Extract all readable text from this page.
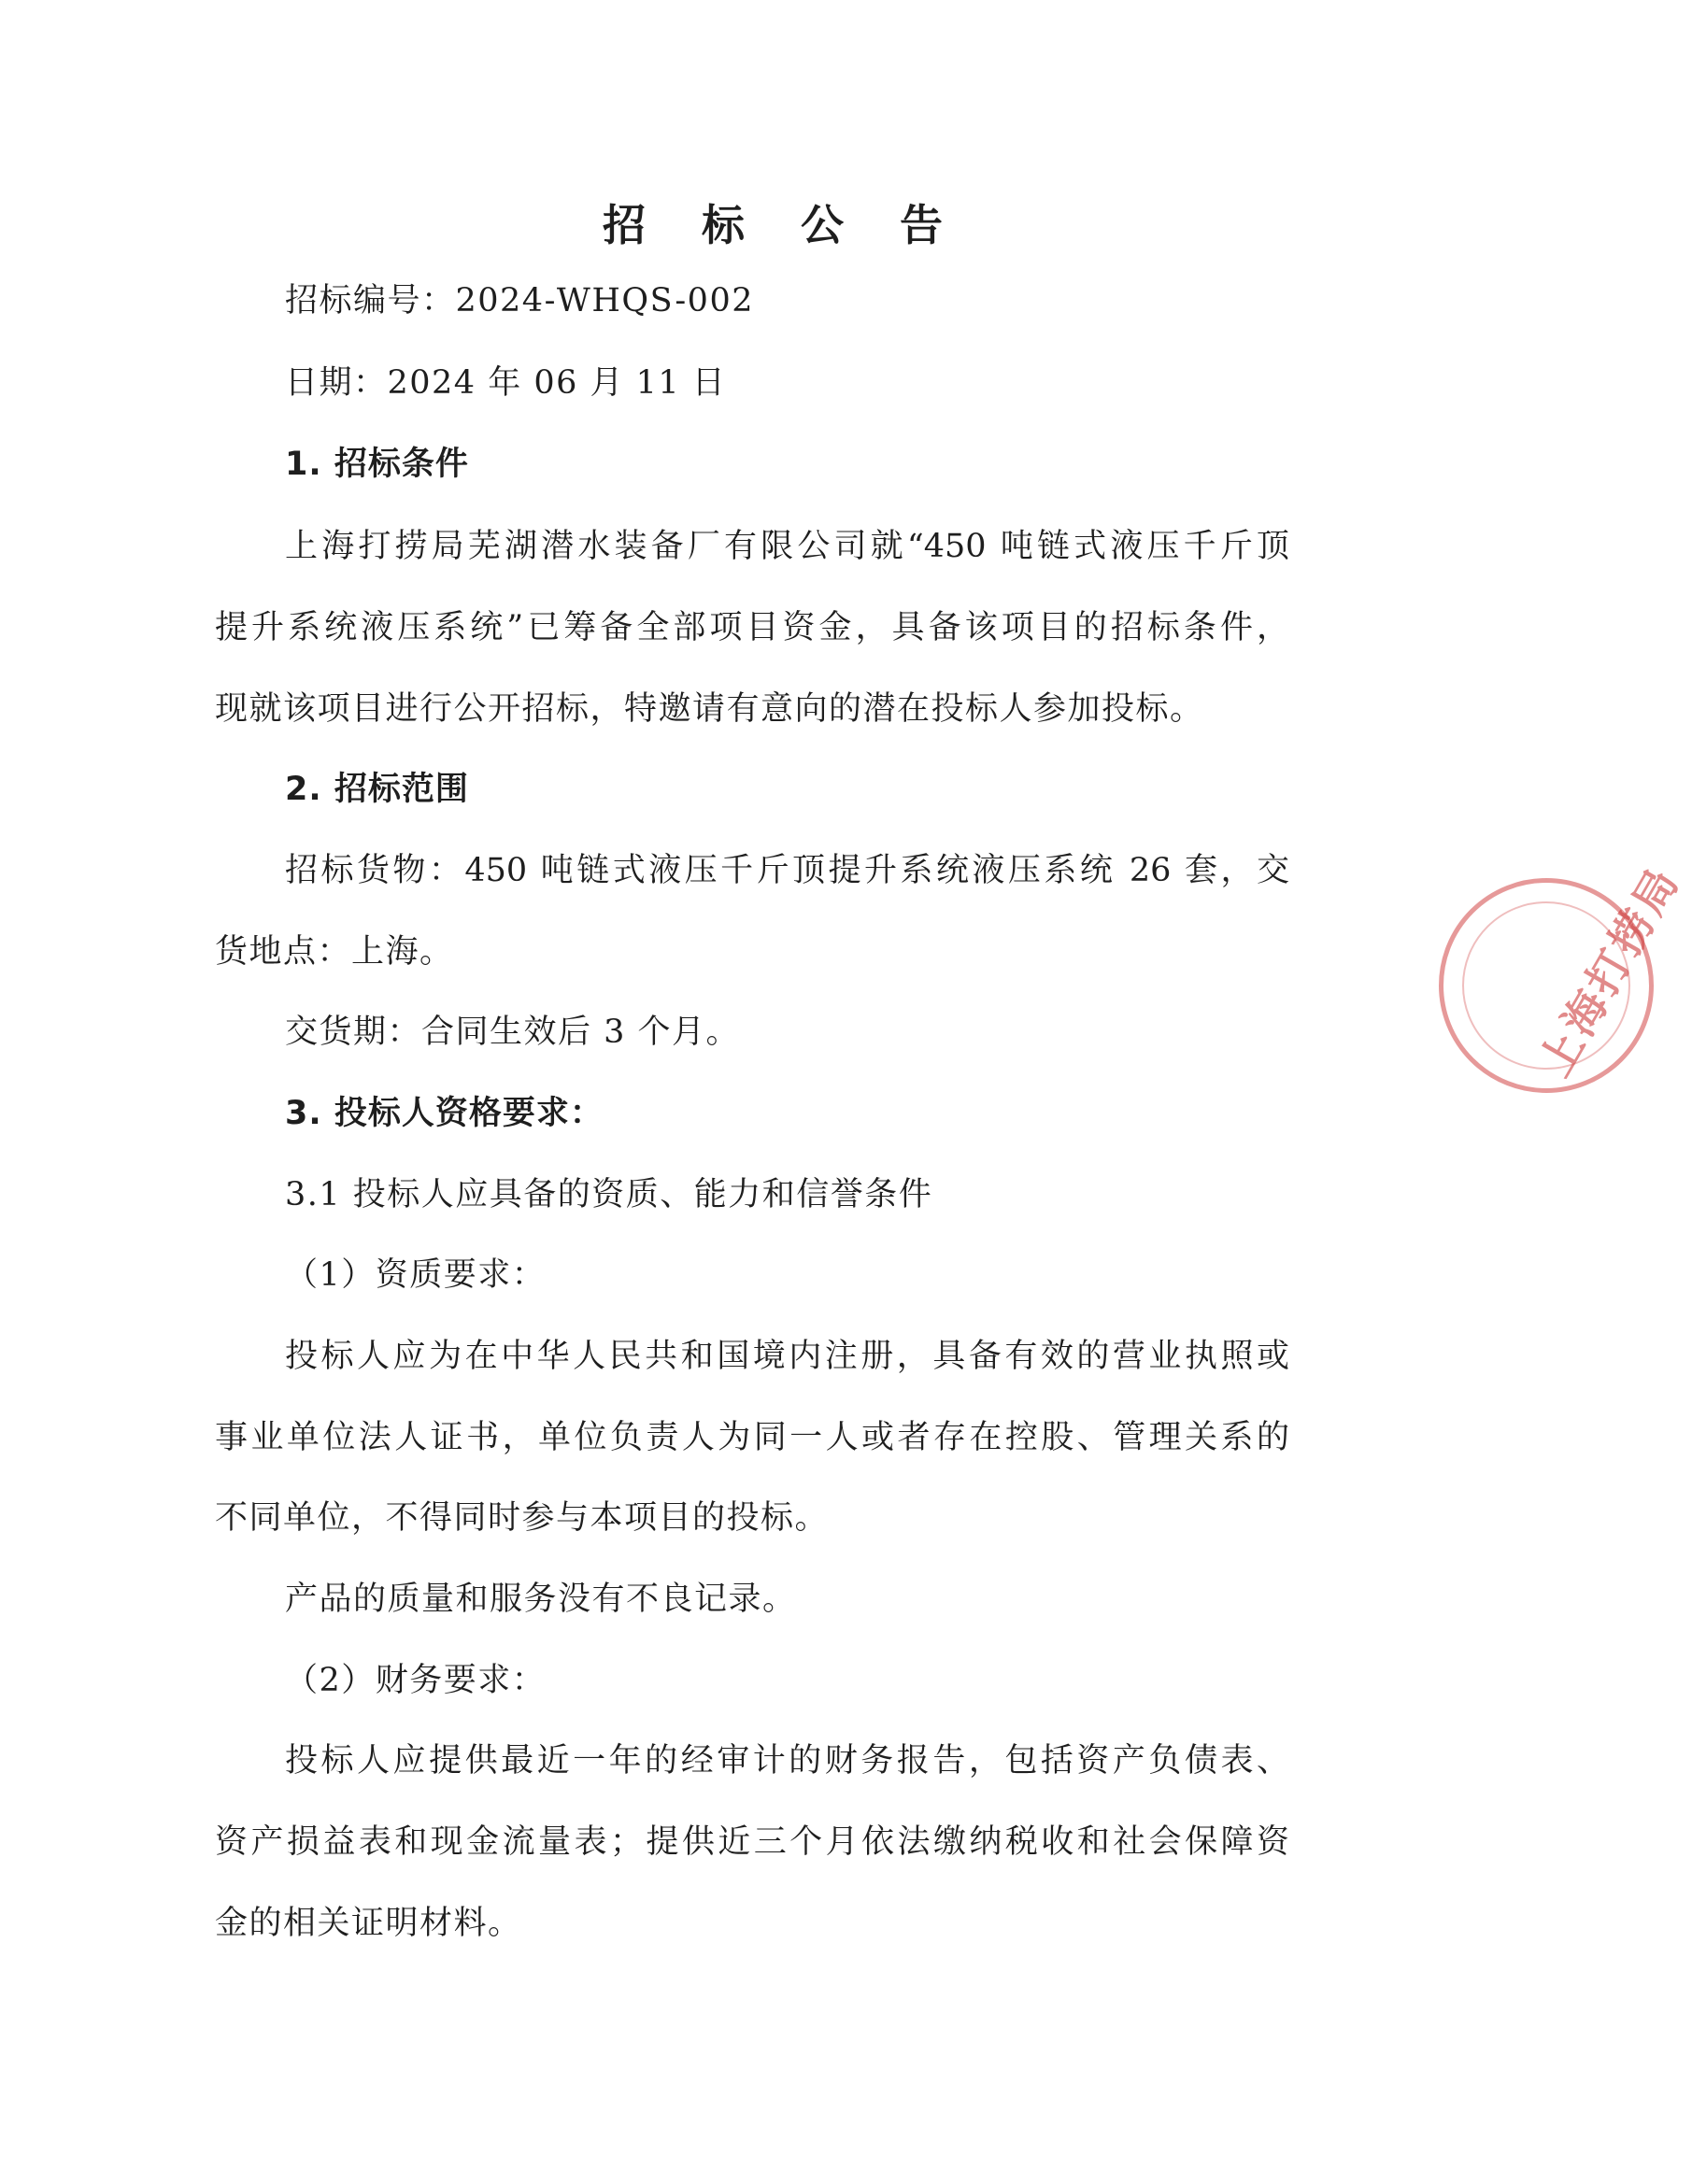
招 标 公 告
招标编号：2024-WHQS-002
日期：2024 年 06 月 11 日
1. 招标条件
上海打捞局芜湖潜水装备厂有限公司就“450 吨链式液压千斤顶
提升系统液压系统”已筹备全部项目资金，具备该项目的招标条件，
现就该项目进行公开招标，特邀请有意向的潜在投标人参加投标。
2. 招标范围
招标货物：450 吨链式液压千斤顶提升系统液压系统 26 套，交
货地点：上海。
交货期：合同生效后 3 个月。
3. 投标人资格要求：
3.1 投标人应具备的资质、能力和信誉条件
（1）资质要求：
投标人应为在中华人民共和国境内注册，具备有效的营业执照或
事业单位法人证书，单位负责人为同一人或者存在控股、管理关系的
不同单位，不得同时参与本项目的投标。
产品的质量和服务没有不良记录。
（2）财务要求：
投标人应提供最近一年的经审计的财务报告，包括资产负债表、
资产损益表和现金流量表；提供近三个月依法缴纳税收和社会保障资
金的相关证明材料。
上海打捞局
